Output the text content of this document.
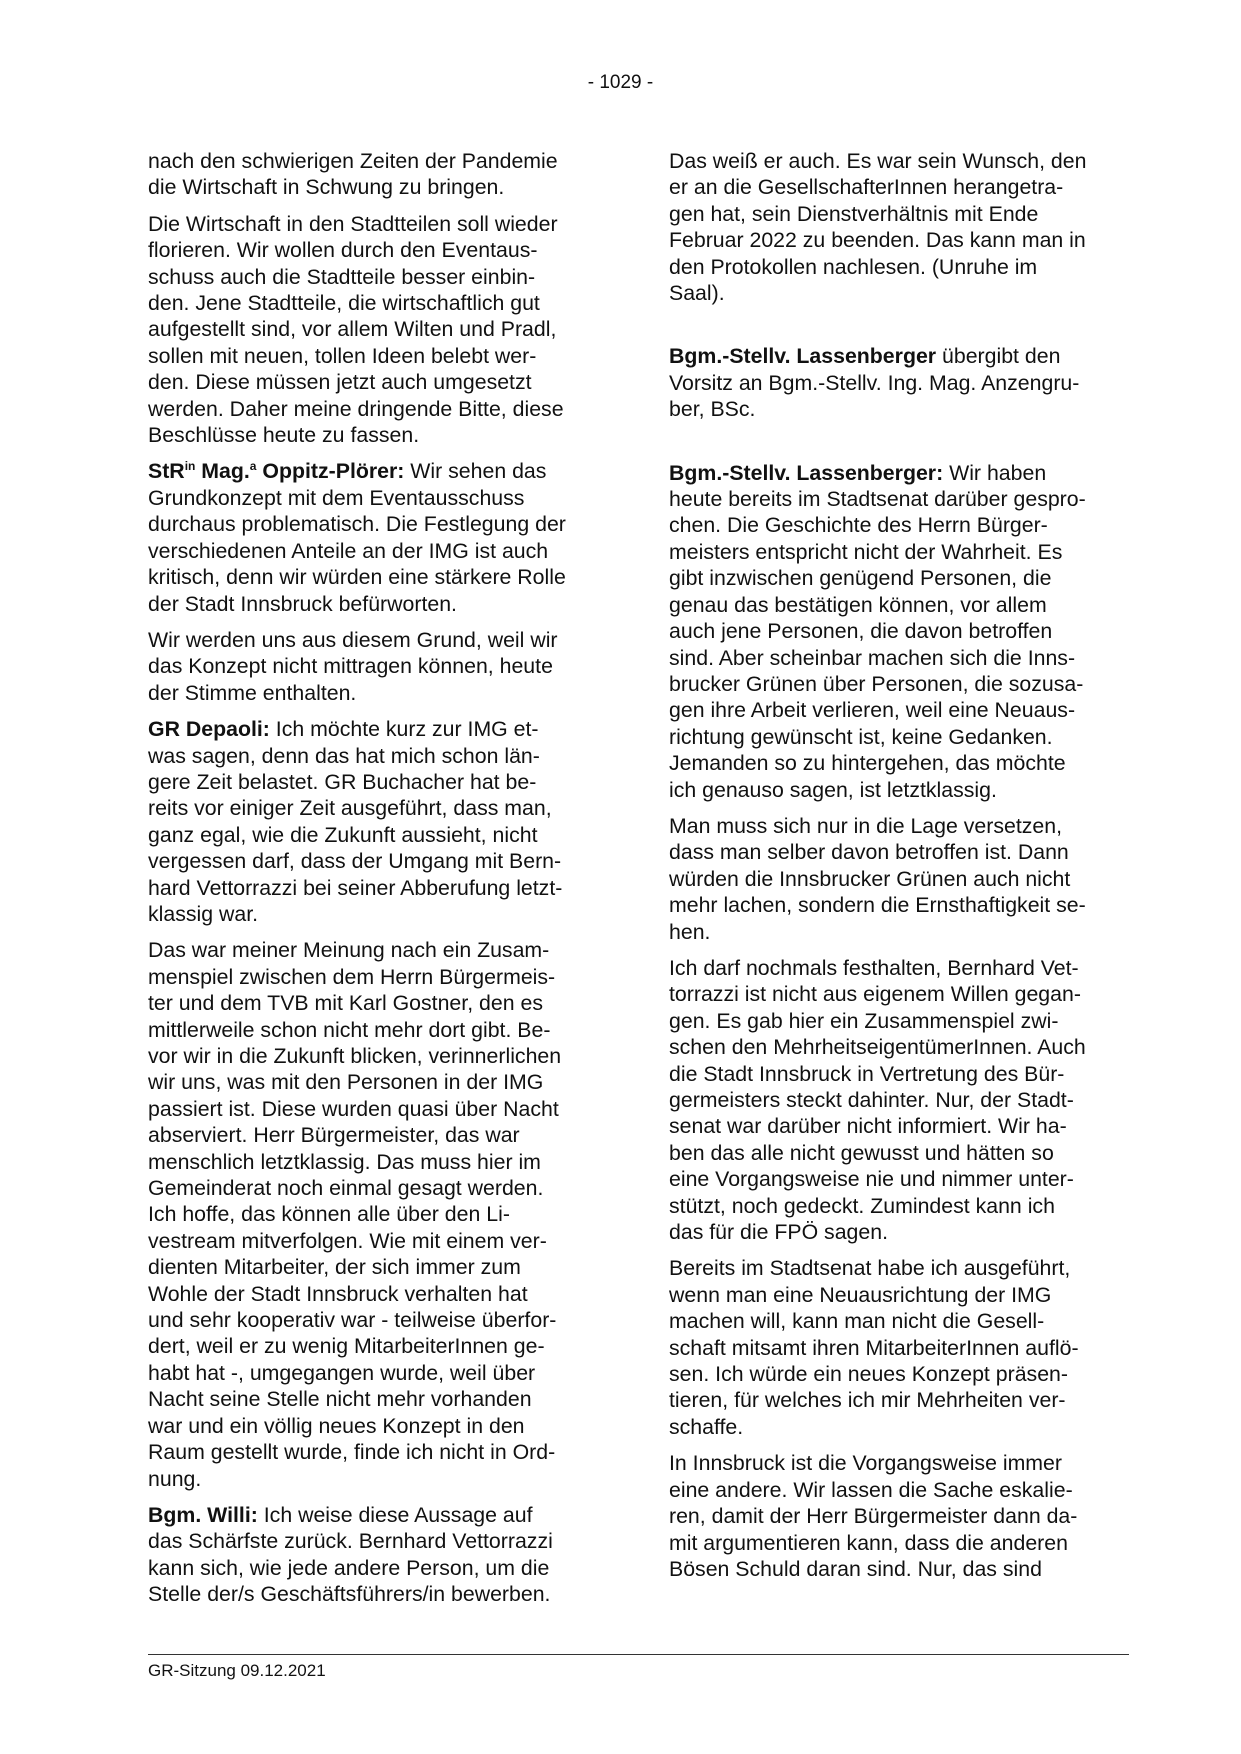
- 1029 -

nach den schwierigen Zeiten der Pandemie
die Wirtschaft in Schwung zu bringen.

Die Wirtschaft in den Stadtteilen soll wieder
florieren. Wir wollen durch den Eventaus-
schuss auch die Stadtteile besser einbin-
den. Jene Stadtteile, die wirtschaftlich gut
aufgestellt sind, vor allem Wilten und Pradl,
sollen mit neuen, tollen Ideen belebt wer-
den. Diese müssen jetzt auch umgesetzt
werden. Daher meine dringende Bitte, diese
Beschlüsse heute zu fassen.

StR$^{in}$ Mag.$^a$ Oppitz-Plörer: Wir sehen das
Grundkonzept mit dem Eventausschuss
durchaus problematisch. Die Festlegung der
verschiedenen Anteile an der IMG ist auch
kritisch, denn wir würden eine stärkere Rolle
der Stadt Innsbruck befürworten.

Wir werden uns aus diesem Grund, weil wir
das Konzept nicht mittragen können, heute
der Stimme enthalten.

GR Depaoli: Ich möchte kurz zur IMG et-
was sagen, denn das hat mich schon län-
gere Zeit belastet. GR Buchacher hat be-
reits vor einiger Zeit ausgeführt, dass man,
ganz egal, wie die Zukunft aussieht, nicht
vergessen darf, dass der Umgang mit Bern-
hard Vettorrazzi bei seiner Abberufung letzt-
klassig war.

Das war meiner Meinung nach ein Zusam-
menspiel zwischen dem Herrn Bürgermeis-
ter und dem TVB mit Karl Gostner, den es
mittlerweile schon nicht mehr dort gibt. Be-
vor wir in die Zukunft blicken, verinnerlichen
wir uns, was mit den Personen in der IMG
passiert ist. Diese wurden quasi über Nacht
abserviert. Herr Bürgermeister, das war
menschlich letztklassig. Das muss hier im
Gemeinderat noch einmal gesagt werden.
Ich hoffe, das können alle über den Li-
vestream mitverfolgen. Wie mit einem ver-
dienten Mitarbeiter, der sich immer zum
Wohle der Stadt Innsbruck verhalten hat
und sehr kooperativ war - teilweise überfor-
dert, weil er zu wenig MitarbeiterInnen ge-
habt hat -, umgegangen wurde, weil über
Nacht seine Stelle nicht mehr vorhanden
war und ein völlig neues Konzept in den
Raum gestellt wurde, finde ich nicht in Ord-
nung.

Bgm. Willi: Ich weise diese Aussage auf
das Schärfste zurück. Bernhard Vettorrazzi
kann sich, wie jede andere Person, um die
Stelle der/s Geschäftsführers/in bewerben.

Das weiß er auch. Es war sein Wunsch, den
er an die GesellschafterInnen herangetra-
gen hat, sein Dienstverhältnis mit Ende
Februar 2022 zu beenden. Das kann man in
den Protokollen nachlesen. (Unruhe im
Saal).

Bgm.-Stellv. Lassenberger übergibt den
Vorsitz an Bgm.-Stellv. Ing. Mag. Anzengru-
ber, BSc.

Bgm.-Stellv. Lassenberger: Wir haben
heute bereits im Stadtsenat darüber gespro-
chen. Die Geschichte des Herrn Bürger-
meisters entspricht nicht der Wahrheit. Es
gibt inzwischen genügend Personen, die
genau das bestätigen können, vor allem
auch jene Personen, die davon betroffen
sind. Aber scheinbar machen sich die Inns-
brucker Grünen über Personen, die sozusa-
gen ihre Arbeit verlieren, weil eine Neuaus-
richtung gewünscht ist, keine Gedanken.
Jemanden so zu hintergehen, das möchte
ich genauso sagen, ist letztklassig.

Man muss sich nur in die Lage versetzen,
dass man selber davon betroffen ist. Dann
würden die Innsbrucker Grünen auch nicht
mehr lachen, sondern die Ernsthaftigkeit se-
hen.

Ich darf nochmals festhalten, Bernhard Vet-
torrazzi ist nicht aus eigenem Willen gegan-
gen. Es gab hier ein Zusammenspiel zwi-
schen den MehrheitseigentümerInnen. Auch
die Stadt Innsbruck in Vertretung des Bür-
germeisters steckt dahinter. Nur, der Stadt-
senat war darüber nicht informiert. Wir ha-
ben das alle nicht gewusst und hätten so
eine Vorgangsweise nie und nimmer unter-
stützt, noch gedeckt. Zumindest kann ich
das für die FPÖ sagen.

Bereits im Stadtsenat habe ich ausgeführt,
wenn man eine Neuausrichtung der IMG
machen will, kann man nicht die Gesell-
schaft mitsamt ihren MitarbeiterInnen auflö-
sen. Ich würde ein neues Konzept präsen-
tieren, für welches ich mir Mehrheiten ver-
schaffe.

In Innsbruck ist die Vorgangsweise immer
eine andere. Wir lassen die Sache eskalie-
ren, damit der Herr Bürgermeister dann da-
mit argumentieren kann, dass die anderen
Bösen Schuld daran sind. Nur, das sind

GR-Sitzung 09.12.2021
